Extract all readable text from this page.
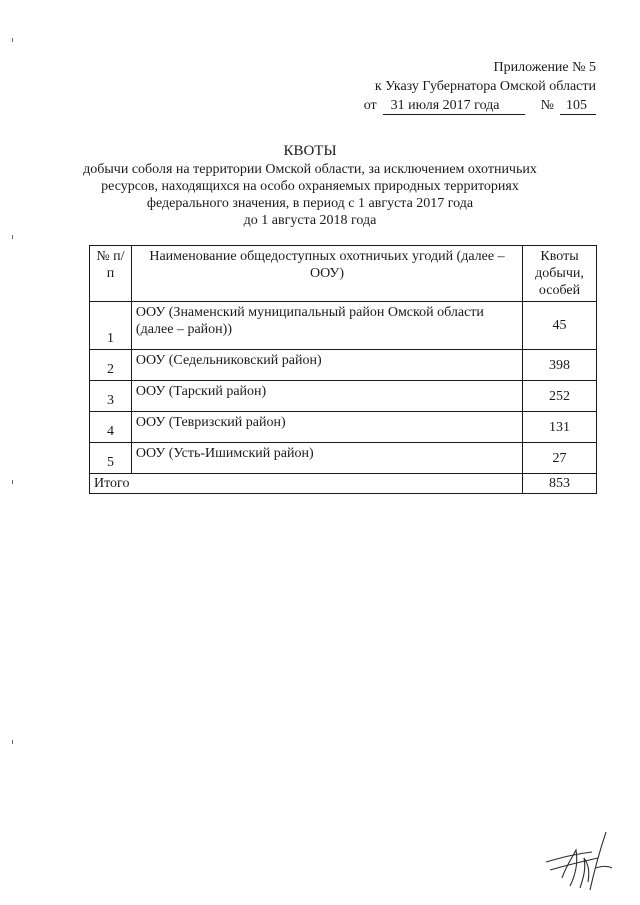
Приложение № 5
к Указу Губернатора Омской области
от 31 июля 2017 года	№ 105
КВОТЫ
добычи соболя на территории Омской области, за исключением охотничьих
ресурсов, находящихся на особо охраняемых природных территориях
федерального значения, в период с 1 августа 2017 года
до 1 августа 2018 года
№ п/п	Наименование общедоступных охотничьих угодий (далее – ООУ)	Квоты добычи, особей
1	ООУ (Знаменский муниципальный район Омской области (далее – район))	45
2	ООУ (Седельниковский район)	398
3	ООУ (Тарский район)	252
4	ООУ (Тевризский район)	131
5	ООУ (Усть-Ишимский район)	27
Итого		853
